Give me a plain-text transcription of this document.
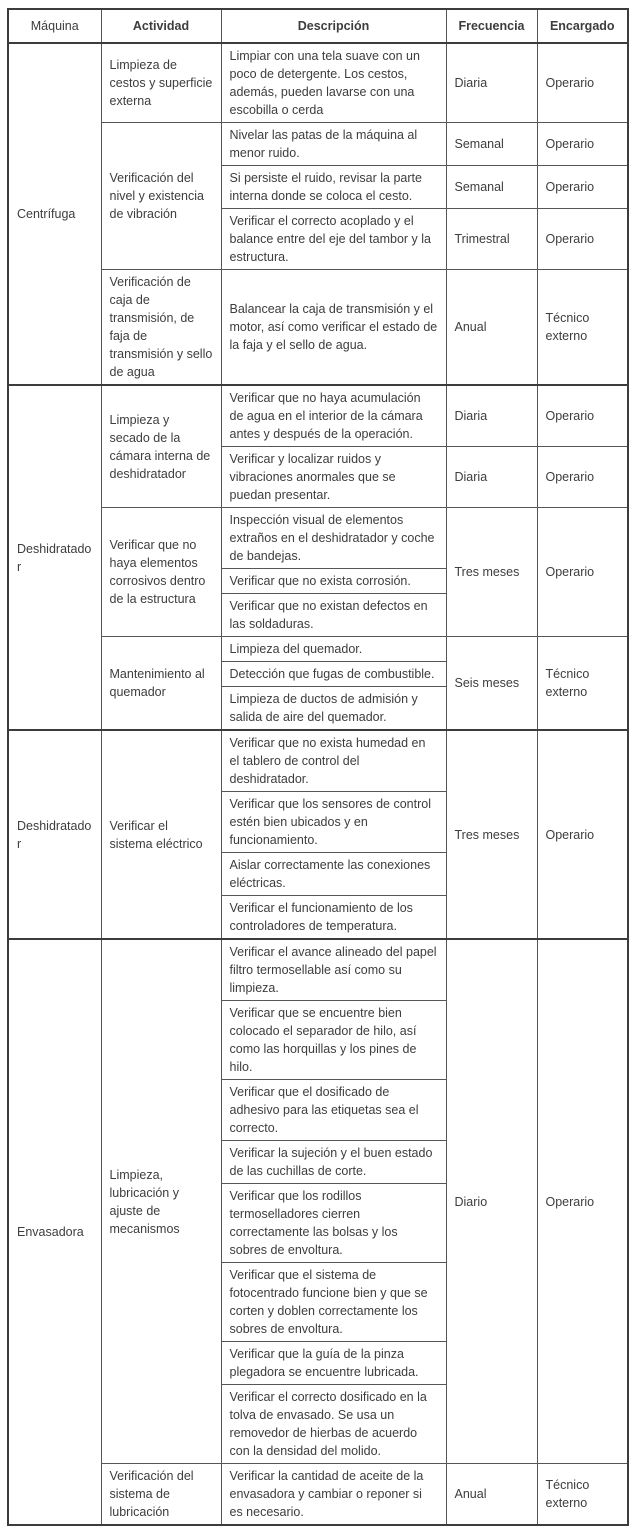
Máquina	Actividad	Descripción	Frecuencia	Encargado
Centrífuga	Limpieza de cestos y superficie externa	Limpiar con una tela suave con un poco de detergente. Los cestos, además, pueden lavarse con una escobilla o cerda	Diaria	Operario
	Verificación del nivel y existencia de vibración	Nivelar las patas de la máquina al menor ruido.	Semanal	Operario
		Si persiste el ruido, revisar la parte interna donde se coloca el cesto.	Semanal	Operario
		Verificar el correcto acoplado y el balance entre del eje del tambor y la estructura.	Trimestral	Operario
	Verificación de caja de transmisión, de faja de transmisión y sello de agua	Balancear la caja de transmisión y el motor, así como verificar el estado de la faja y el sello de agua.	Anual	Técnico externo
Deshidratador	Limpieza y secado de la cámara interna de deshidratador	Verificar que no haya acumulación de agua en el interior de la cámara antes y después de la operación.	Diaria	Operario
		Verificar y localizar ruidos y vibraciones anormales que se puedan presentar.	Diaria	Operario
	Verificar que no haya elementos corrosivos dentro de la estructura	Inspección visual de elementos extraños en el deshidratador y coche de bandejas.	Tres meses	Operario
		Verificar que no exista corrosión.		
		Verificar que no existan defectos en las soldaduras.		
	Mantenimiento al quemador	Limpieza del quemador.	Seis meses	Técnico externo
		Detección que fugas de combustible.		
		Limpieza de ductos de admisión y salida de aire del quemador.		
Deshidratador	Verificar el sistema eléctrico	Verificar que no exista humedad en el tablero de control del deshidratador.	Tres meses	Operario
		Verificar que los sensores de control estén bien ubicados y en funcionamiento.		
		Aislar correctamente las conexiones eléctricas.		
		Verificar el funcionamiento de los controladores de temperatura.		
Envasadora	Limpieza, lubricación y ajuste de mecanismos	Verificar el avance alineado del papel filtro termosellable así como su limpieza.	Diario	Operario
		Verificar que se encuentre bien colocado el separador de hilo, así como las horquillas y los pines de hilo.		
		Verificar que el dosificado de adhesivo para las etiquetas sea el correcto.		
		Verificar la sujeción y el buen estado de las cuchillas de corte.		
		Verificar que los rodillos termoselladores cierren correctamente las bolsas y los sobres de envoltura.		
		Verificar que el sistema de fotocentrado funcione bien y que se corten y doblen correctamente los sobres de envoltura.		
		Verificar que la guía de la pinza plegadora se encuentre lubricada.		
		Verificar el correcto dosificado en la tolva de envasado. Se usa un removedor de hierbas de acuerdo con la densidad del molido.		
	Verificación del sistema de lubricación	Verificar la cantidad de aceite de la envasadora y cambiar o reponer si es necesario.	Anual	Técnico externo
